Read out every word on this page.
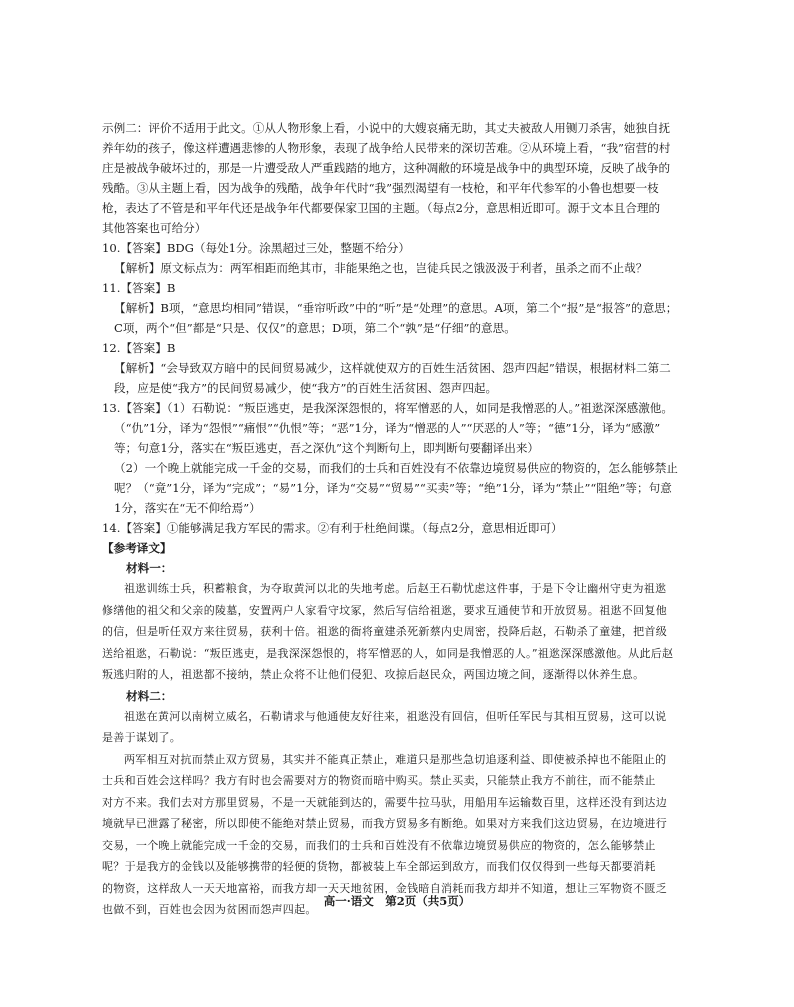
示例二：评价不适用于此文。①从人物形象上看，小说中的大嫂哀痛无助，其丈夫被敌人用铡刀杀害，她独自抚

养年幼的孩子，像这样遭遇悲惨的人物形象，表现了战争给人民带来的深切苦难。②从环境上看，“我”宿营的村

庄是被战争破坏过的，那是一片遭受敌人严重践踏的地方，这种凋敝的环境是战争中的典型环境，反映了战争的

残酷。③从主题上看，因为战争的残酷，战争年代时“我”强烈渴望有一枝枪，和平年代参军的小鲁也想要一枝

枪，表达了不管是和平年代还是战争年代都要保家卫国的主题。（每点2分，意思相近即可。源于文本且合理的

其他答案也可给分）

10.【答案】BDG（每处1分。涂黑超过三处，整题不给分）

【解析】原文标点为：两军相距而绝其市，非能果绝之也，岂徒兵民之饿汲汲于利者，虽杀之而不止哉？

11.【答案】B

【解析】B项，“意思均相同”错误，“垂帘听政”中的“听”是“处理”的意思。A项，第二个“报”是“报答”的意思；

C项，两个“但”都是“只是、仅仅”的意思；D项，第二个“孰”是“仔细”的意思。

12.【答案】B

【解析】“会导致双方暗中的民间贸易减少，这样就使双方的百姓生活贫困、怨声四起”错误，根据材料二第二

段，应是使“我方”的民间贸易减少，使“我方”的百姓生活贫困、怨声四起。

13.【答案】（1）石勒说：“叛臣逃吏，是我深深怨恨的，将军憎恶的人，如同是我憎恶的人。”祖逖深深感激他。

（“仇”1分，译为“怨恨”“痛恨”“仇恨”等；“恶”1分，译为“憎恶的人”“厌恶的人”等；“德”1分，译为“感激”

等；句意1分，落实在“叛臣逃吏，吾之深仇”这个判断句上，即判断句要翻译出来）

（2）一个晚上就能完成一千金的交易，而我们的士兵和百姓没有不依靠边境贸易供应的物资的，怎么能够禁止

呢？（“竟”1分，译为“完成”；“易”1分，译为“交易”“贸易”“买卖”等；“绝”1分，译为“禁止”“阻绝”等；句意

1分，落实在“无不仰给焉”）

14.【答案】①能够满足我方军民的需求。②有利于杜绝间谍。（每点2分，意思相近即可）

【参考译文】

材料一：

祖逖训练士兵，积蓄粮食，为夺取黄河以北的失地考虑。后赵王石勒忧虑这件事，于是下令让幽州守吏为祖逖

修缮他的祖父和父亲的陵墓，安置两户人家看守坟冢，然后写信给祖逖，要求互通使节和开放贸易。祖逖不回复他

的信，但是听任双方来往贸易，获利十倍。祖逖的衙将童建杀死新蔡内史周密，投降后赵，石勒杀了童建，把首级

送给祖逖，石勒说：“叛臣逃吏，是我深深怨恨的，将军憎恶的人，如同是我憎恶的人。”祖逖深深感激他。从此后赵

叛逃归附的人，祖逖都不接纳，禁止众将不让他们侵犯、攻掠后赵民众，两国边境之间，逐渐得以休养生息。

材料二：

祖逖在黄河以南树立威名，石勒请求与他通使友好往来，祖逖没有回信，但听任军民与其相互贸易，这可以说

是善于谋划了。

两军相互对抗而禁止双方贸易，其实并不能真正禁止，难道只是那些急切追逐利益、即使被杀掉也不能阻止的

士兵和百姓会这样吗？我方有时也会需要对方的物资而暗中购买。禁止买卖，只能禁止我方不前往，而不能禁止

对方不来。我们去对方那里贸易，不是一天就能到达的，需要牛拉马驮，用船用车运输数百里，这样还没有到达边

境就早已泄露了秘密，所以即使不能绝对禁止贸易，而我方贸易多有断绝。如果对方来我们这边贸易，在边境进行

交易，一个晚上就能完成一千金的交易，而我们的士兵和百姓没有不依靠边境贸易供应的物资的，怎么能够禁止

呢？于是我方的金钱以及能够携带的轻便的货物，都被装上车全部运到敌方，而我们仅仅得到一些每天都要消耗

的物资，这样敌人一天天地富裕，而我方却一天天地贫困，金钱暗自消耗而我方却并不知道，想让三军物资不匮乏

也做不到，百姓也会因为贫困而怨声四起。

高一·语文　第2页（共5页）
